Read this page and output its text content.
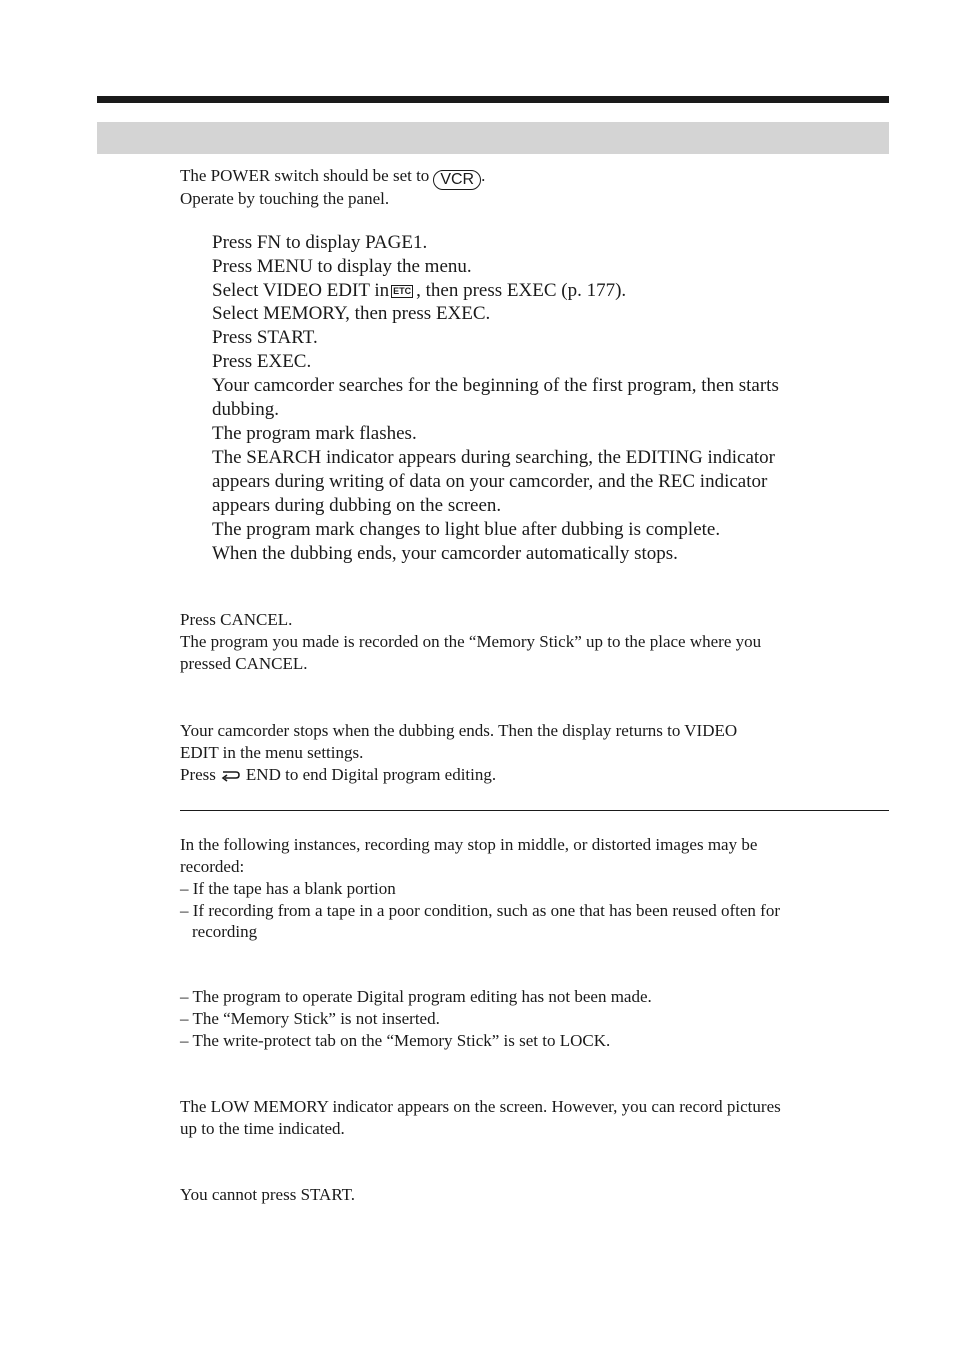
The POWER switch should be set to VCR .
Operate by touching the panel.
Press FN to display PAGE1.
Press MENU to display the menu.
Select VIDEO EDIT in ETC , then press EXEC (p. 177).
Select MEMORY, then press EXEC.
Press START.
Press EXEC.
Your camcorder searches for the beginning of the first program, then starts
dubbing.
The program mark flashes.
The SEARCH indicator appears during searching, the EDITING indicator
appears during writing of data on your camcorder, and the REC indicator
appears during dubbing on the screen.
The program mark changes to light blue after dubbing is complete.
When the dubbing ends, your camcorder automatically stops.
Press CANCEL.
The program you made is recorded on the “Memory Stick” up to the place where you
pressed CANCEL.
Your camcorder stops when the dubbing ends. Then the display returns to VIDEO
EDIT in the menu settings.
Press END to end Digital program editing.
In the following instances, recording may stop in middle, or distorted images may be
recorded:
– If the tape has a blank portion
– If recording from a tape in a poor condition, such as one that has been reused often for
recording
– The program to operate Digital program editing has not been made.
– The “Memory Stick” is not inserted.
– The write-protect tab on the “Memory Stick” is set to LOCK.
The LOW MEMORY indicator appears on the screen. However, you can record pictures
up to the time indicated.
You cannot press START.
